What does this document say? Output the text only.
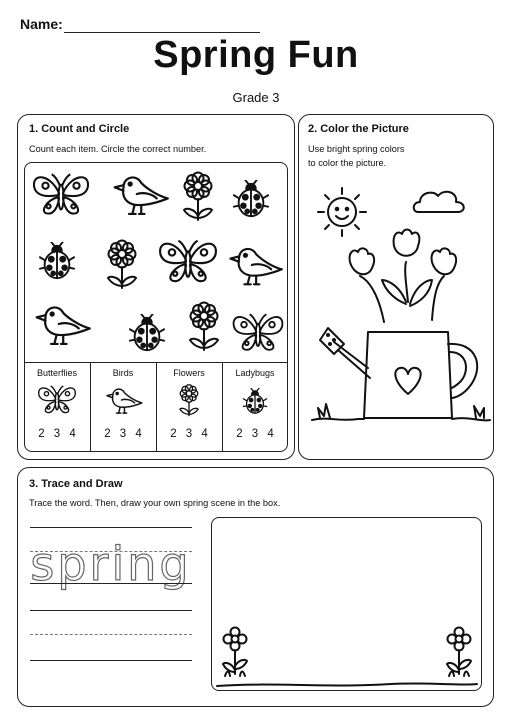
Name:
Spring Fun
Grade 3
1. Count and Circle
Count each item. Circle the correct number.
Butterflies	Birds	Flowers	Ladybugs
2 3 4	2 3 4	2 3 4	2 3 4
2. Color the Picture
Use bright spring colors
to color the picture.
3. Trace and Draw
Trace the word. Then, draw your own spring scene in the box.
spring
